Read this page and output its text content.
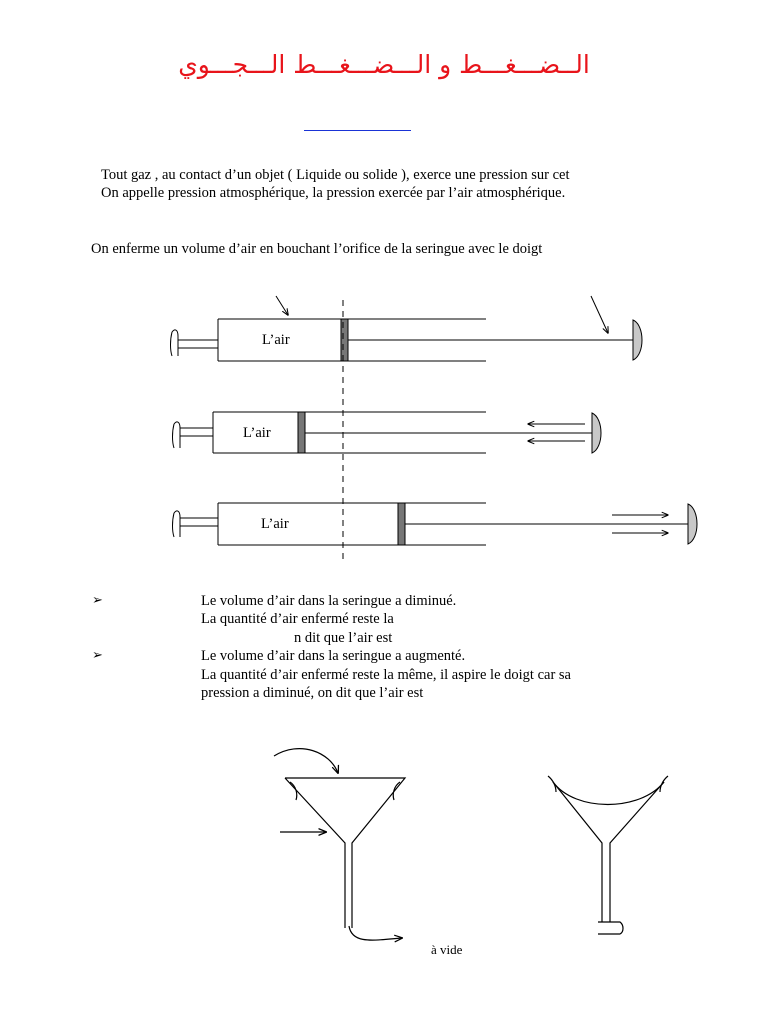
الــضـــغـــط و الـــضـــغـــط الـــجـــوي
Tout gaz , au contact d’un objet ( Liquide ou solide ), exerce une pression sur cet
On appelle pression atmosphérique, la pression exercée par l’air atmosphérique.
On enferme un volume d’air en bouchant l’orifice de la seringue avec le doigt
L’air
L’air
L’air
➢	Le volume d’air dans la seringue a diminué.
La quantité d’air enfermé reste la
n dit que l’air est
➢	Le volume d’air dans la seringue a augmenté.
La quantité d’air enfermé reste la même, il aspire le doigt car sa
pression a diminué, on dit que l’air est
à vide
